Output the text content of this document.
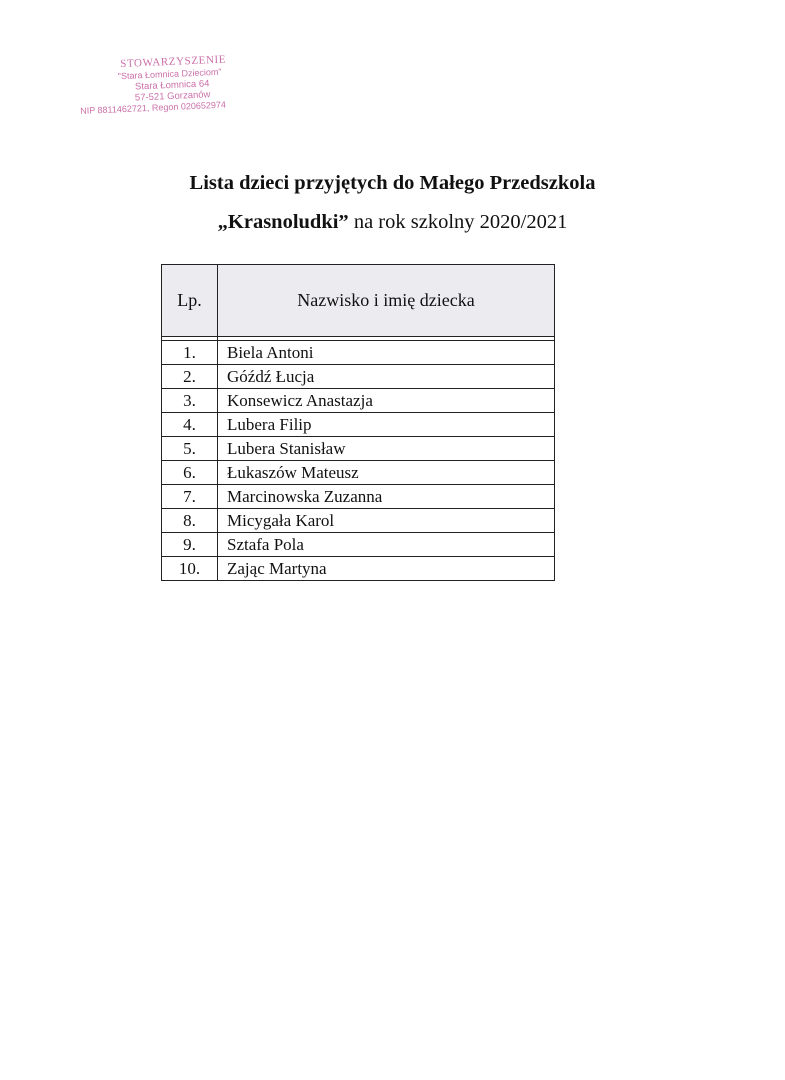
STOWARZYSZENIE
"Stara Łomnica Dzieciom"
Stara Łomnica 64
57-521 Gorzanów
NIP 8811462721, Regon 020652974
Lista dzieci przyjętych do Małego Przedszkola
„Krasnoludki” na rok szkolny 2020/2021
Lp.	Nazwisko i imię dziecka

1.	Biela Antoni
2.	Góźdź Łucja
3.	Konsewicz Anastazja
4.	Lubera Filip
5.	Lubera Stanisław
6.	Łukaszów Mateusz
7.	Marcinowska Zuzanna
8.	Micygała Karol
9.	Sztafa Pola
10.	Zając Martyna
